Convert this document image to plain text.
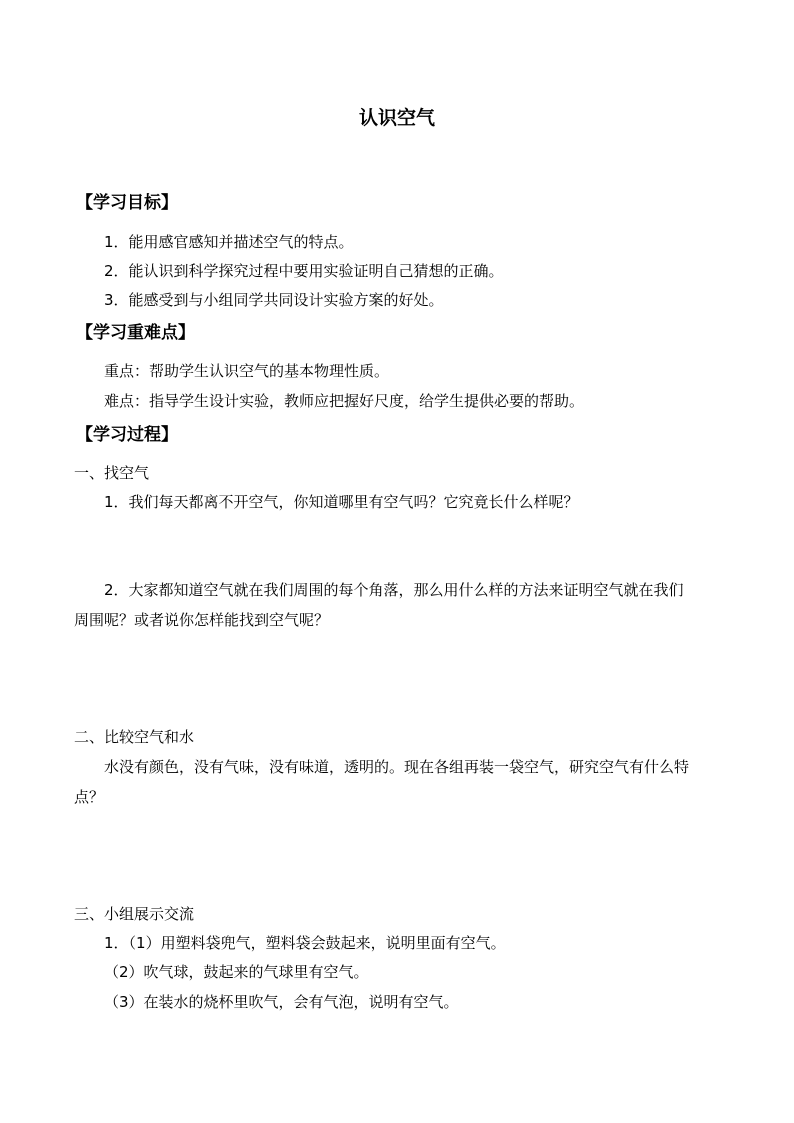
认识空气
【学习目标】
1．能用感官感知并描述空气的特点。
2．能认识到科学探究过程中要用实验证明自己猜想的正确。
3．能感受到与小组同学共同设计实验方案的好处。
【学习重难点】
重点：帮助学生认识空气的基本物理性质。
难点：指导学生设计实验，教师应把握好尺度，给学生提供必要的帮助。
【学习过程】
一、找空气
1．我们每天都离不开空气，你知道哪里有空气吗？它究竟长什么样呢？
2．大家都知道空气就在我们周围的每个角落，那么用什么样的方法来证明空气就在我们
周围呢？或者说你怎样能找到空气呢？
二、比较空气和水
水没有颜色，没有气味，没有味道，透明的。现在各组再装一袋空气，研究空气有什么特
点？
三、小组展示交流
1．（1）用塑料袋兜气，塑料袋会鼓起来，说明里面有空气。
（2）吹气球，鼓起来的气球里有空气。
（3）在装水的烧杯里吹气，会有气泡，说明有空气。
